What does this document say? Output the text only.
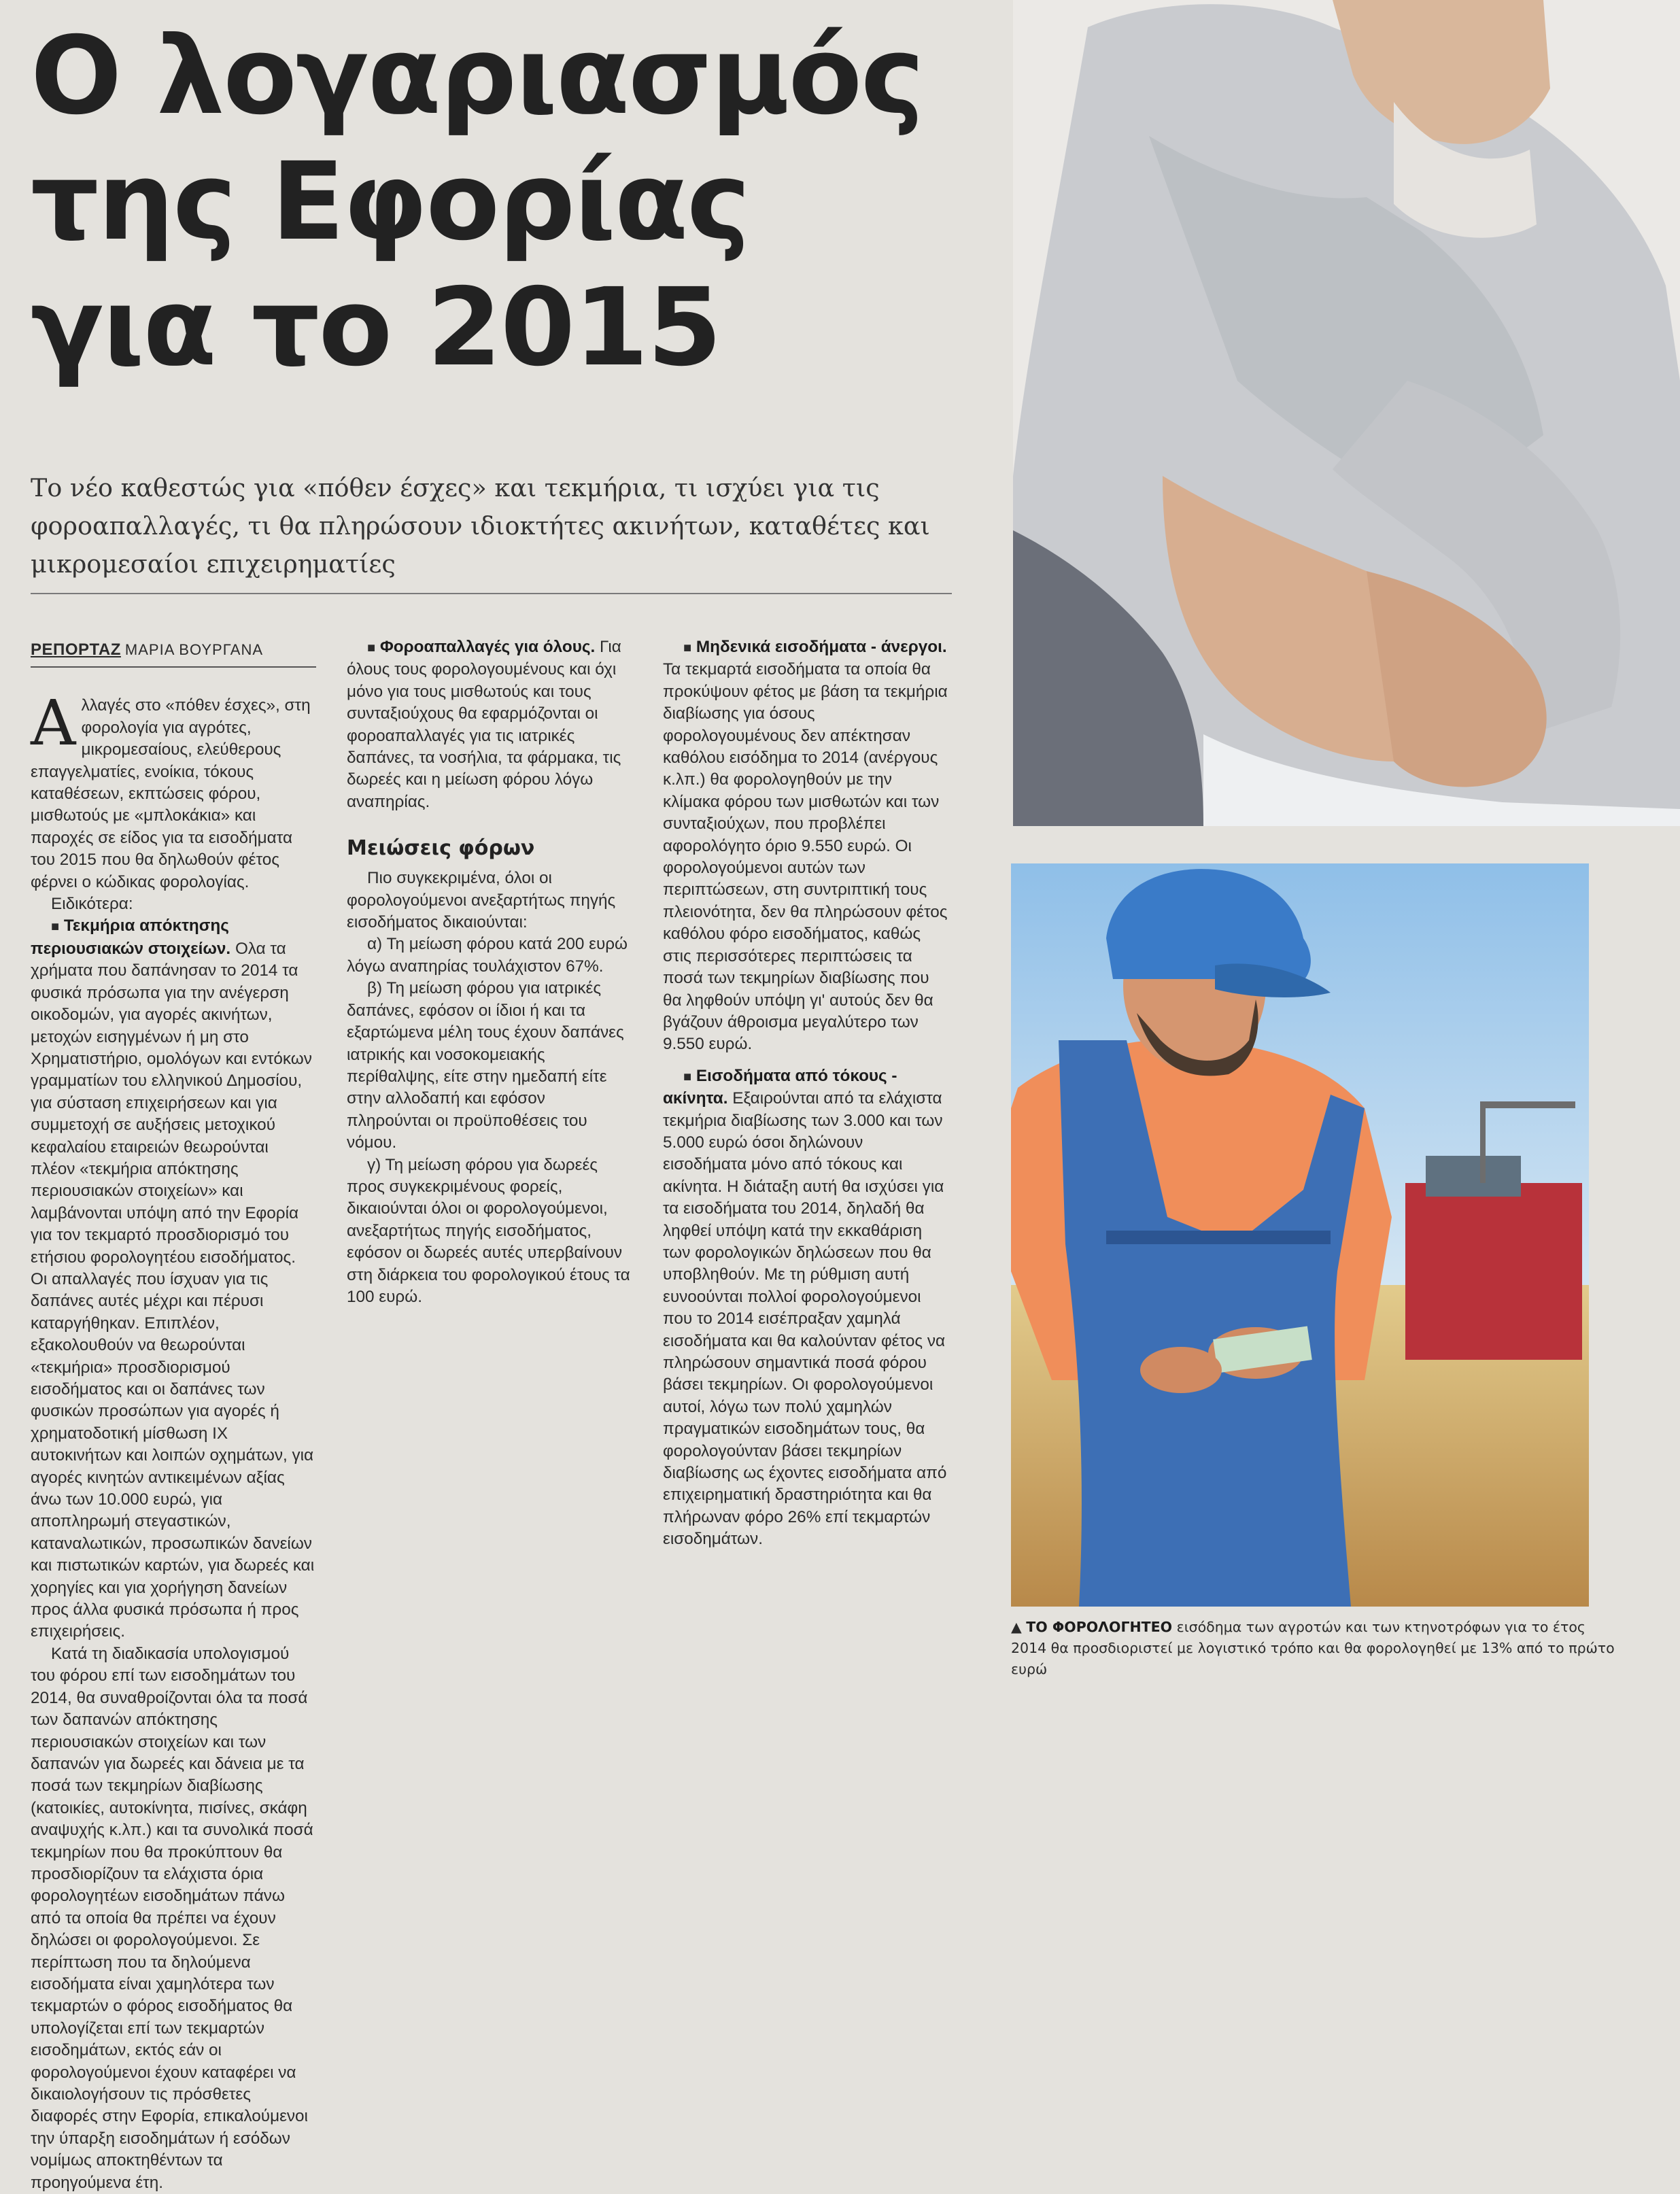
Ο λογαριασμός
της Εφορίας
για το 2015
Το νέο καθεστώς για «πόθεν έσχες» και τεκμήρια, τι ισχύει για τις φοροαπαλλαγές, τι θα πληρώσουν ιδιοκτήτες ακινήτων, καταθέτες και μικρομεσαίοι επιχειρηματίες
ΡΕΠΟΡΤΑΖ ΜΑΡΙΑ ΒΟΥΡΓΑΝΑ

Αλλαγές στο «πόθεν έσχες», στη φορολογία για αγρότες, μικρομεσαίους, ελεύθερους επαγγελματίες, ενοίκια, τόκους καταθέσεων, εκπτώσεις φόρου, μισθωτούς με «μπλοκάκια» και παροχές σε είδος για τα εισοδήματα του 2015 που θα δηλωθούν φέτος φέρνει ο κώδικας φορολογίας.

Ειδικότερα:

■ Τεκμήρια απόκτησης περιουσιακών στοιχείων. Ολα τα χρήματα που δαπάνησαν το 2014 τα φυσικά πρόσωπα για την ανέγερση οικοδομών, για αγορές ακινήτων, μετοχών εισηγμένων ή μη στο Χρηματιστήριο, ομολόγων και εντόκων γραμματίων του ελληνικού Δημοσίου, για σύσταση επιχειρήσεων και για συμμετοχή σε αυξήσεις μετοχικού κεφαλαίου εταιρειών θεωρούνται πλέον «τεκμήρια απόκτησης περιουσιακών στοιχείων» και λαμβάνονται υπόψη από την Εφορία για τον τεκμαρτό προσδιορισμό του ετήσιου φορολογητέου εισοδήματος. Οι απαλλαγές που ίσχυαν για τις δαπάνες αυτές μέχρι και πέρυσι καταργήθηκαν. Επιπλέον, εξακολουθούν να θεωρούνται «τεκμήρια» προσδιορισμού εισοδήματος και οι δαπάνες των φυσικών προσώπων για αγορές ή χρηματοδοτική μίσθωση ΙΧ αυτοκινήτων και λοιπών οχημάτων, για αγορές κινητών αντικειμένων αξίας άνω των 10.000 ευρώ, για αποπληρωμή στεγαστικών, καταναλωτικών, προσωπικών δανείων και πιστωτικών καρτών, για δωρεές και χορηγίες και για χορήγηση δανείων προς άλλα φυσικά πρόσωπα ή προς επιχειρήσεις.

Κατά τη διαδικασία υπολογισμού του φόρου επί των εισοδημάτων του 2014, θα συναθροίζονται όλα τα ποσά των δαπανών απόκτησης περιουσιακών στοιχείων και των δαπανών για δωρεές και δάνεια με τα ποσά των τεκμηρίων διαβίωσης (κατοικίες, αυτοκίνητα, πισίνες, σκάφη αναψυχής κ.λπ.) και τα συνολικά ποσά τεκμηρίων που θα προκύπτουν θα προσδιορίζουν τα ελάχιστα όρια φορολογητέων εισοδημάτων πάνω από τα οποία θα πρέπει να έχουν δηλώσει οι φορολογούμενοι. Σε περίπτωση που τα δηλούμενα εισοδήματα είναι χαμηλότερα των τεκμαρτών ο φόρος εισοδήματος θα υπολογίζεται επί των τεκμαρτών εισοδημάτων, εκτός εάν οι φορολογούμενοι έχουν καταφέρει να δικαιολογήσουν τις πρόσθετες διαφορές στην Εφορία, επικαλούμενοι την ύπαρξη εισοδημάτων ή εσόδων νομίμως αποκτηθέντων τα προηγούμενα έτη.

■ Φοροαπαλλαγές για όλους. Για όλους τους φορολογουμένους και όχι μόνο για τους μισθωτούς και τους συνταξιούχους θα εφαρμόζονται οι φοροαπαλλαγές για τις ιατρικές δαπάνες, τα νοσήλια, τα φάρμακα, τις δωρεές και η μείωση φόρου λόγω αναπηρίας.

Μειώσεις φόρων

Πιο συγκεκριμένα, όλοι οι φορολογούμενοι ανεξαρτήτως πηγής εισοδήματος δικαιούνται:

α) Τη μείωση φόρου κατά 200 ευρώ λόγω αναπηρίας τουλάχιστον 67%.

β) Τη μείωση φόρου για ιατρικές δαπάνες, εφόσον οι ίδιοι ή και τα εξαρτώμενα μέλη τους έχουν δαπάνες ιατρικής και νοσοκομειακής περίθαλψης, είτε στην ημεδαπή είτε στην αλλοδαπή και εφόσον πληρούνται οι προϋποθέσεις του νόμου.

γ) Τη μείωση φόρου για δωρεές προς συγκεκριμένους φορείς, δικαιούνται όλοι οι φορολογούμενοι, ανεξαρτήτως πηγής εισοδήματος, εφόσον οι δωρεές αυτές υπερβαίνουν στη διάρκεια του φορολογικού έτους τα 100 ευρώ.

■ Μηδενικά εισοδήματα - άνεργοι. Τα τεκμαρτά εισοδήματα τα οποία θα προκύψουν φέτος με βάση τα τεκμήρια διαβίωσης για όσους φορολογουμένους δεν απέκτησαν καθόλου εισόδημα το 2014 (ανέργους κ.λπ.) θα φορολογηθούν με την κλίμακα φόρου των μισθωτών και των συνταξιούχων, που προβλέπει αφορολόγητο όριο 9.550 ευρώ. Οι φορολογούμενοι αυτών των περιπτώσεων, στη συντριπτική τους πλειονότητα, δεν θα πληρώσουν φέτος καθόλου φόρο εισοδήματος, καθώς στις περισσότερες περιπτώσεις τα ποσά των τεκμηρίων διαβίωσης που θα ληφθούν υπόψη γι' αυτούς δεν θα βγάζουν άθροισμα μεγαλύτερο των 9.550 ευρώ.

■ Εισοδήματα από τόκους - ακίνητα. Εξαιρούνται από τα ελάχιστα τεκμήρια διαβίωσης των 3.000 και των 5.000 ευρώ όσοι δηλώνουν εισοδήματα μόνο από τόκους και ακίνητα. Η διάταξη αυτή θα ισχύσει για τα εισοδήματα του 2014, δηλαδή θα ληφθεί υπόψη κατά την εκκαθάριση των φορολογικών δηλώσεων που θα υποβληθούν. Με τη ρύθμιση αυτή ευνοούνται πολλοί φορολογούμενοι που το 2014 εισέπραξαν χαμηλά εισοδήματα και θα καλούνταν φέτος να πληρώσουν σημαντικά ποσά φόρου βάσει τεκμηρίων. Οι φορολογούμενοι αυτοί, λόγω των πολύ χαμηλών πραγματικών εισοδημάτων τους, θα φορολογούνταν βάσει τεκμηρίων διαβίωσης ως έχοντες εισοδήματα από επιχειρηματική δραστηριότητα και θα πλήρωναν φόρο 26% επί τεκμαρτών εισοδημάτων.

▲ ΤΟ ΦΟΡΟΛΟΓΗΤΕΟ εισόδημα των αγροτών και των κτηνοτρόφων για το έτος 2014 θα προσδιοριστεί με λογιστικό τρόπο και θα φορολογηθεί με 13% από το πρώτο ευρώ
